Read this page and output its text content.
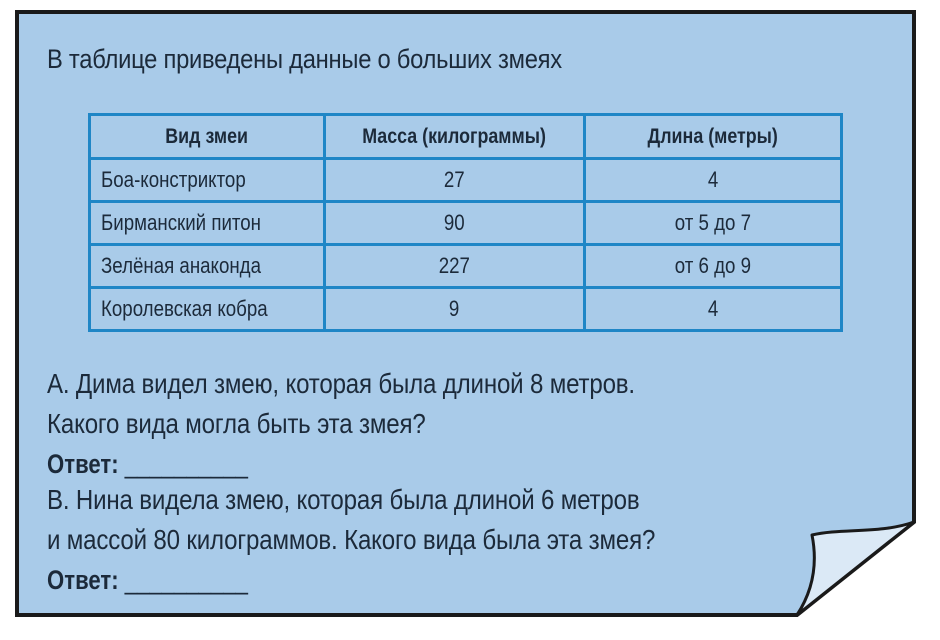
В таблице приведены данные о больших змеях
Вид змеи	Масса (килограммы)	Длина (метры)
Боа-констриктор	27	4
Бирманский питон	90	от 5 до 7
Зелёная анаконда	227	от 6 до 9
Королевская кобра	9	4
А. Дима видел змею, которая была длиной 8 метров.
Какого вида могла быть эта змея?
Ответ: __________
В. Нина видела змею, которая была длиной 6 метров
и массой 80 килограммов. Какого вида была эта змея?
Ответ: __________
